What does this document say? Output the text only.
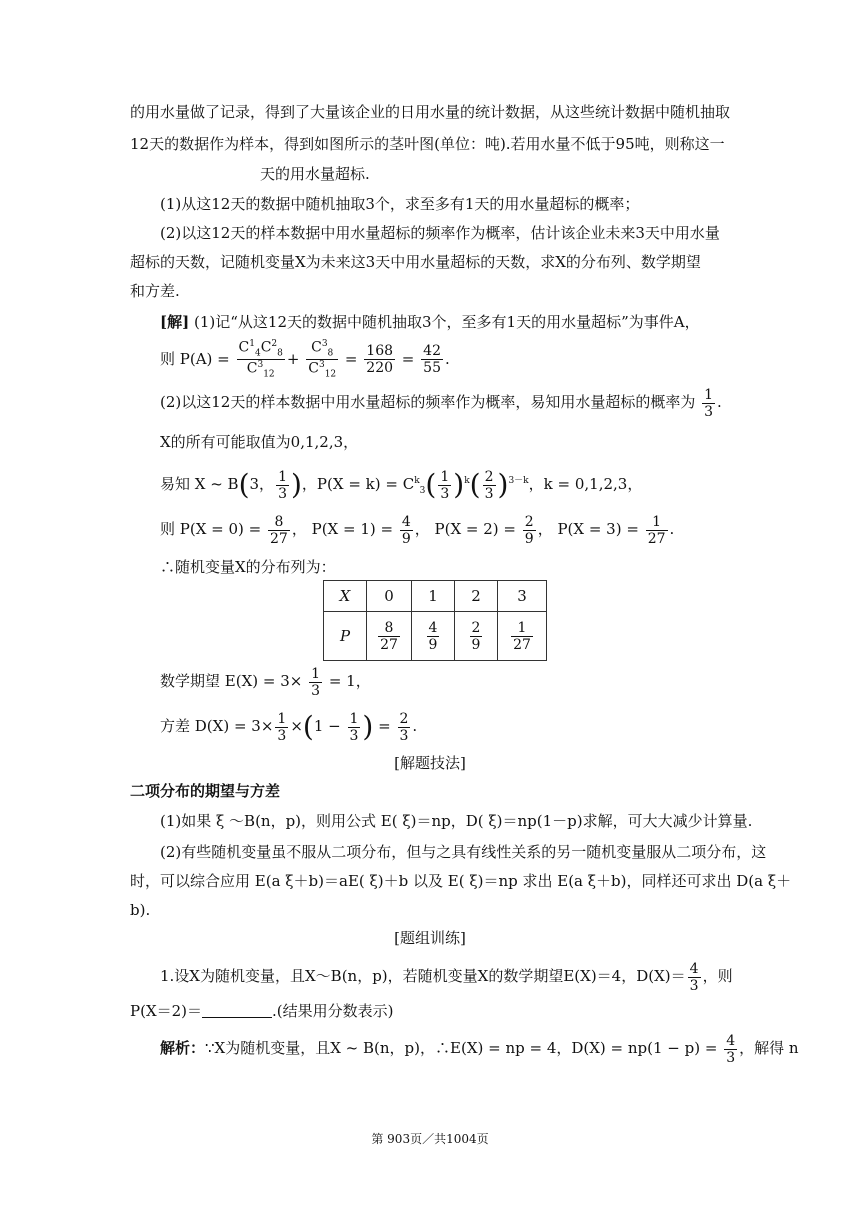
的用水量做了记录，得到了大量该企业的日用水量的统计数据，从这些统计数据中随机抽取
12天的数据作为样本，得到如图所示的茎叶图(单位：吨).若用水量不低于95吨，则称这一
天的用水量超标.
(1)从这12天的数据中随机抽取3个，求至多有1天的用水量超标的概率；
(2)以这12天的样本数据中用水量超标的频率作为概率，估计该企业未来3天中用水量
超标的天数，记随机变量X为未来这3天中用水量超标的天数，求X的分布列、数学期望
和方差.
[解] (1)记“从这12天的数据中随机抽取3个，至多有1天的用水量超标”为事件A，
则 $P(A) = \frac{C^1_4C^2_8}{C^3_{12}} + \frac{C^3_8}{C^3_{12}} = \frac{168}{220} = \frac{42}{55}$ .
(2)以这12天的样本数据中用水量超标的频率作为概率，易知用水量超标的概率为 $\frac{1}{3}$ .
X的所有可能取值为0,1,2,3，
易知 X ~ B(3， $\frac{1}{3}$ )，$P(X = k) = C^k_3( \frac{1}{3} )^k( \frac{2}{3} )^{3-k}$，k = 0,1,2,3，
则 $P(X = 0) = \frac{8}{27}$ ， $P(X = 1) = \frac{4}{9}$ ， $P(X = 2) = \frac{2}{9}$ ， $P(X = 3) = \frac{1}{27}$ .
∴随机变量X的分布列为：
X	0	1	2	3
P	$\frac{8}{27}$	$\frac{4}{9}$	$\frac{2}{9}$	$\frac{1}{27}$
数学期望 $E(X) = 3\times \frac{1}{3} = 1$，
方差 $D(X) = 3\times \frac{1}{3} \times(1 - \frac{1}{3}$ ) = $\frac{2}{3}$ .
[解题技法]
二项分布的期望与方差
(1)如果 ξ ～B(n，p)，则用公式 E( ξ)＝np，D( ξ)＝np(1－p)求解，可大大减少计算量.
(2)有些随机变量虽不服从二项分布，但与之具有线性关系的另一随机变量服从二项分布，这
时，可以综合应用 E(a ξ＋b)＝aE( ξ)＋b 以及 E( ξ)＝np 求出 E(a ξ＋b)，同样还可求出 D(a ξ＋
b).
[题组训练]
1.设X为随机变量，且X～B(n，p)，若随机变量X的数学期望E(X)＝4，$D(X)= \frac{4}{3}$ ，则
P(X＝2)＝	.(结果用分数表示)
解析：∵X为随机变量，且X ~ B(n，p)，∴E(X) = np = 4，$D(X) = np(1 - p) = \frac{4}{3}$ ，解得 n
第 903页／共1004页
